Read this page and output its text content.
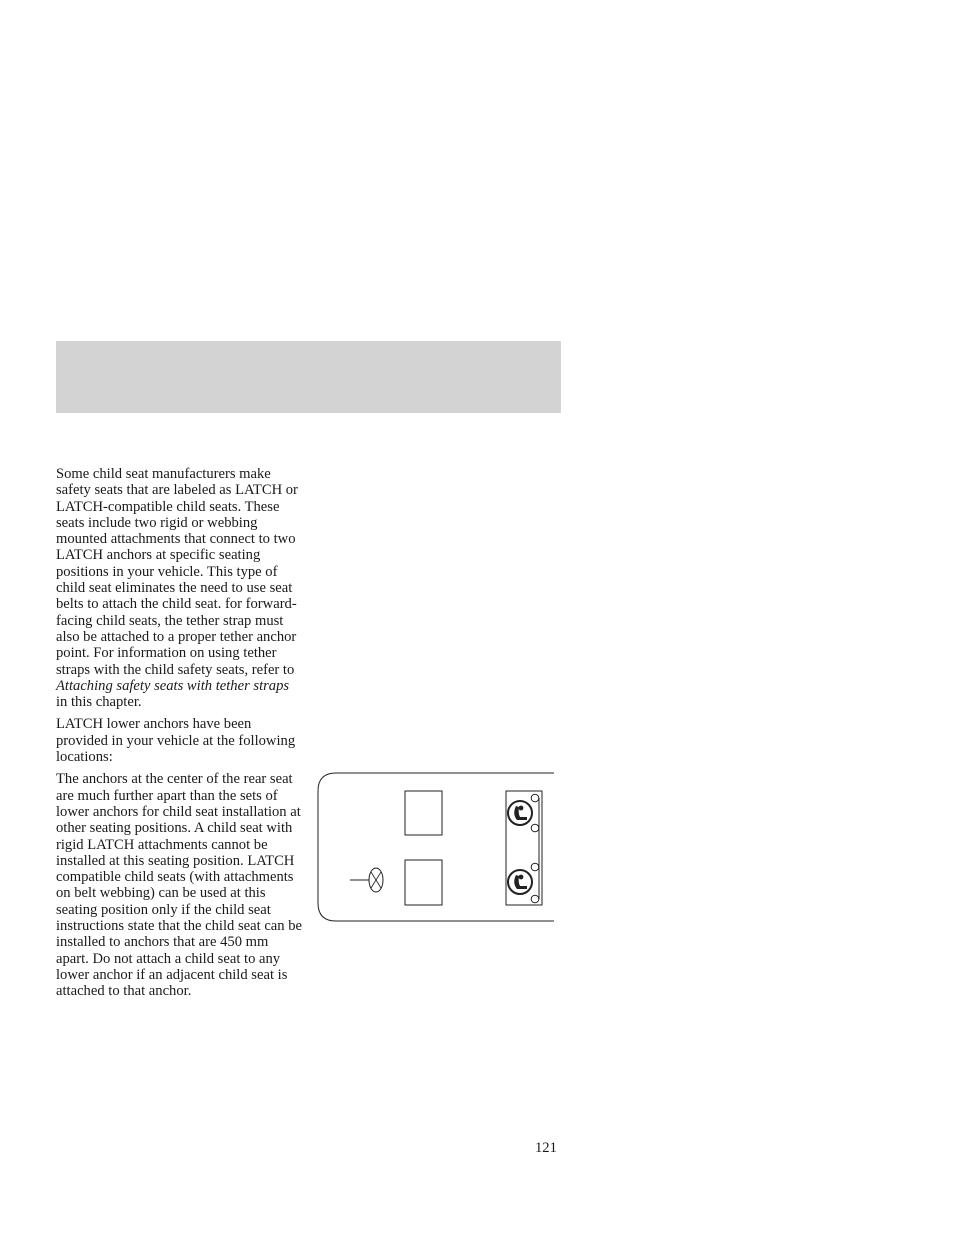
Some child seat manufacturers make safety seats that are labeled as LATCH or LATCH-compatible child seats. These seats include two rigid or webbing mounted attachments that connect to two LATCH anchors at specific seating positions in your vehicle. This type of child seat eliminates the need to use seat belts to attach the child seat. for forward-facing child seats, the tether strap must also be attached to a proper tether anchor point. For information on using tether straps with the child safety seats, refer to Attaching safety seats with tether straps in this chapter.

LATCH lower anchors have been provided in your vehicle at the following locations:

The anchors at the center of the rear seat are much further apart than the sets of lower anchors for child seat installation at other seating positions. A child seat with rigid LATCH attachments cannot be installed at this seating position. LATCH compatible child seats (with attachments on belt webbing) can be used at this seating position only if the child seat instructions state that the child seat can be installed to anchors that are 450 mm apart. Do not attach a child seat to any lower anchor if an adjacent child seat is attached to that anchor.

121
